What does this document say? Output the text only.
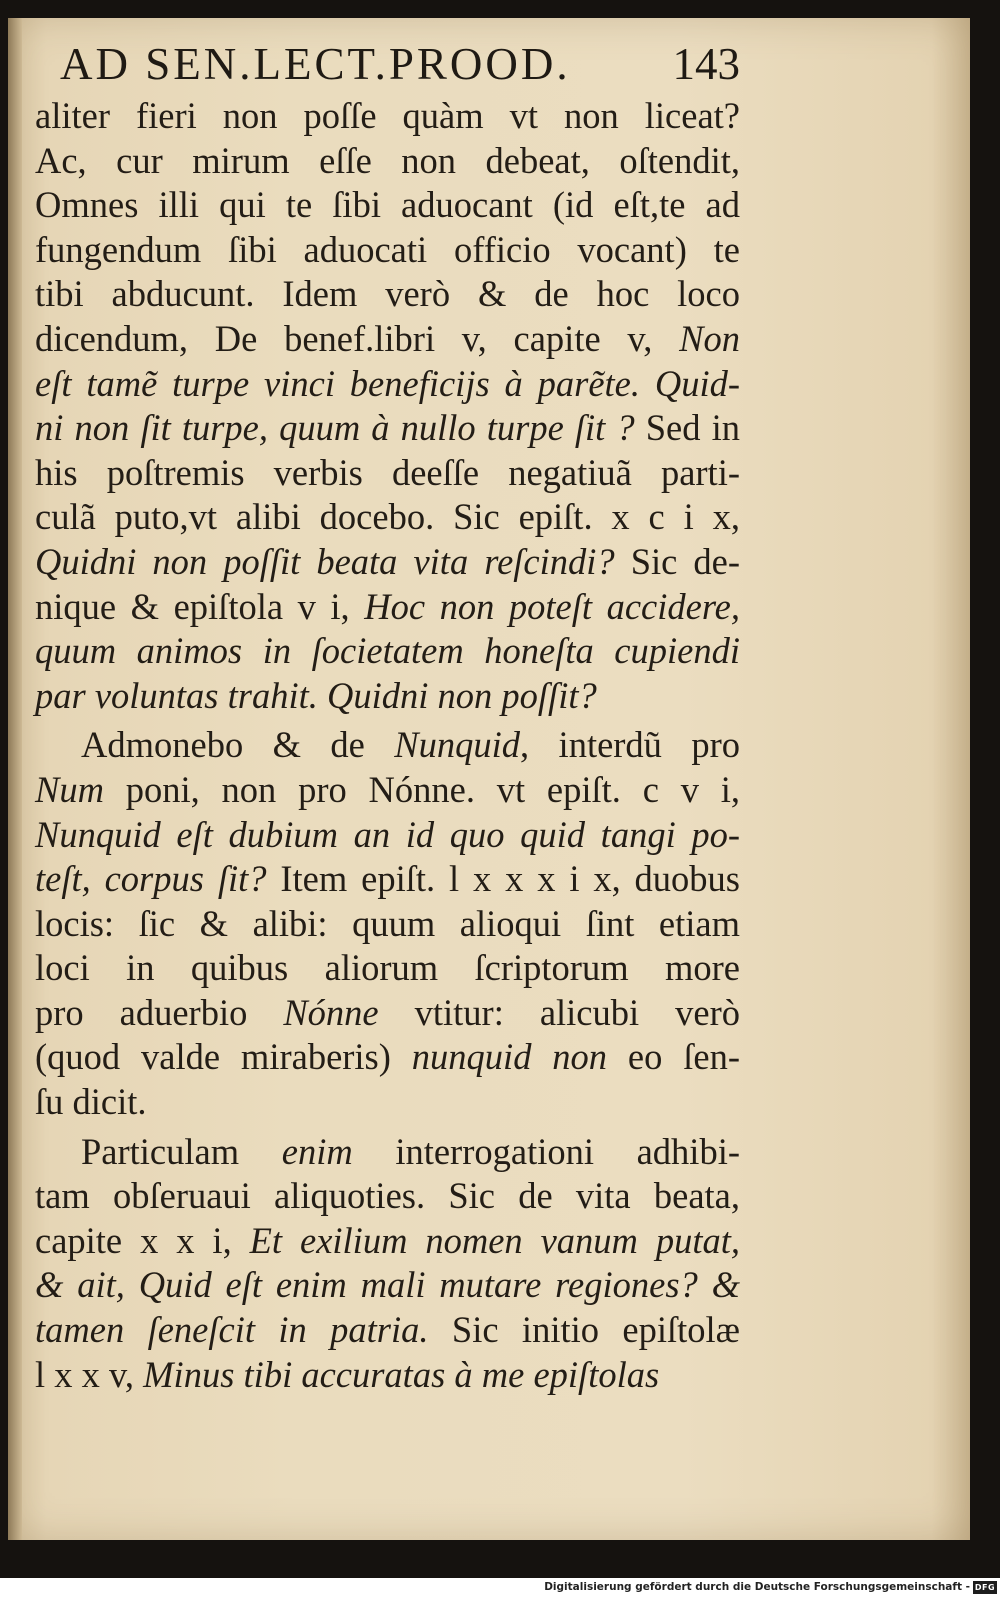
AD SEN.LECT.PROOD. 143
aliter fieri non poſſe quàm vt non liceat?
Ac, cur mirum eſſe non debeat, oſtendit,
Omnes illi qui te ſibi aduocant (id eſt,te ad
fungendum ſibi aduocati officio vocant) te
tibi abducunt. Idem verò & de hoc loco
dicendum, De benef.libri v, capite v, Non
eſt tamẽ turpe vinci beneficijs à parẽte. Quid-
ni non ſit turpe, quum à nullo turpe ſit ? Sed in
his poſtremis verbis deeſſe negatiuã parti-
culã puto,vt alibi docebo. Sic epiſt. x c i x,
Quidni non poſſit beata vita reſcindi? Sic de-
nique & epiſtola v i, Hoc non poteſt accidere,
quum animos in ſocietatem honeſta cupiendi
par voluntas trahit. Quidni non poſſit?
Admonebo & de Nunquid, interdũ pro
Num poni, non pro Nónne. vt epiſt. c v i,
Nunquid eſt dubium an id quo quid tangi po-
teſt, corpus ſit? Item epiſt. l x x x i x, duobus
locis: ſic & alibi: quum alioqui ſint etiam
loci in quibus aliorum ſcriptorum more
pro aduerbio Nónne vtitur: alicubi verò
(quod valde miraberis) nunquid non eo ſen-
ſu dicit.
Particulam enim interrogationi adhibi-
tam obſeruaui aliquoties. Sic de vita beata,
capite x x i, Et exilium nomen vanum putat,
& ait, Quid eſt enim mali mutare regiones? &
tamen ſeneſcit in patria. Sic initio epiſtolæ
l x x v, Minus tibi accuratas à me epiſtolas
Digitalisierung gefördert durch die Deutsche Forschungsgemeinschaft - DFG
